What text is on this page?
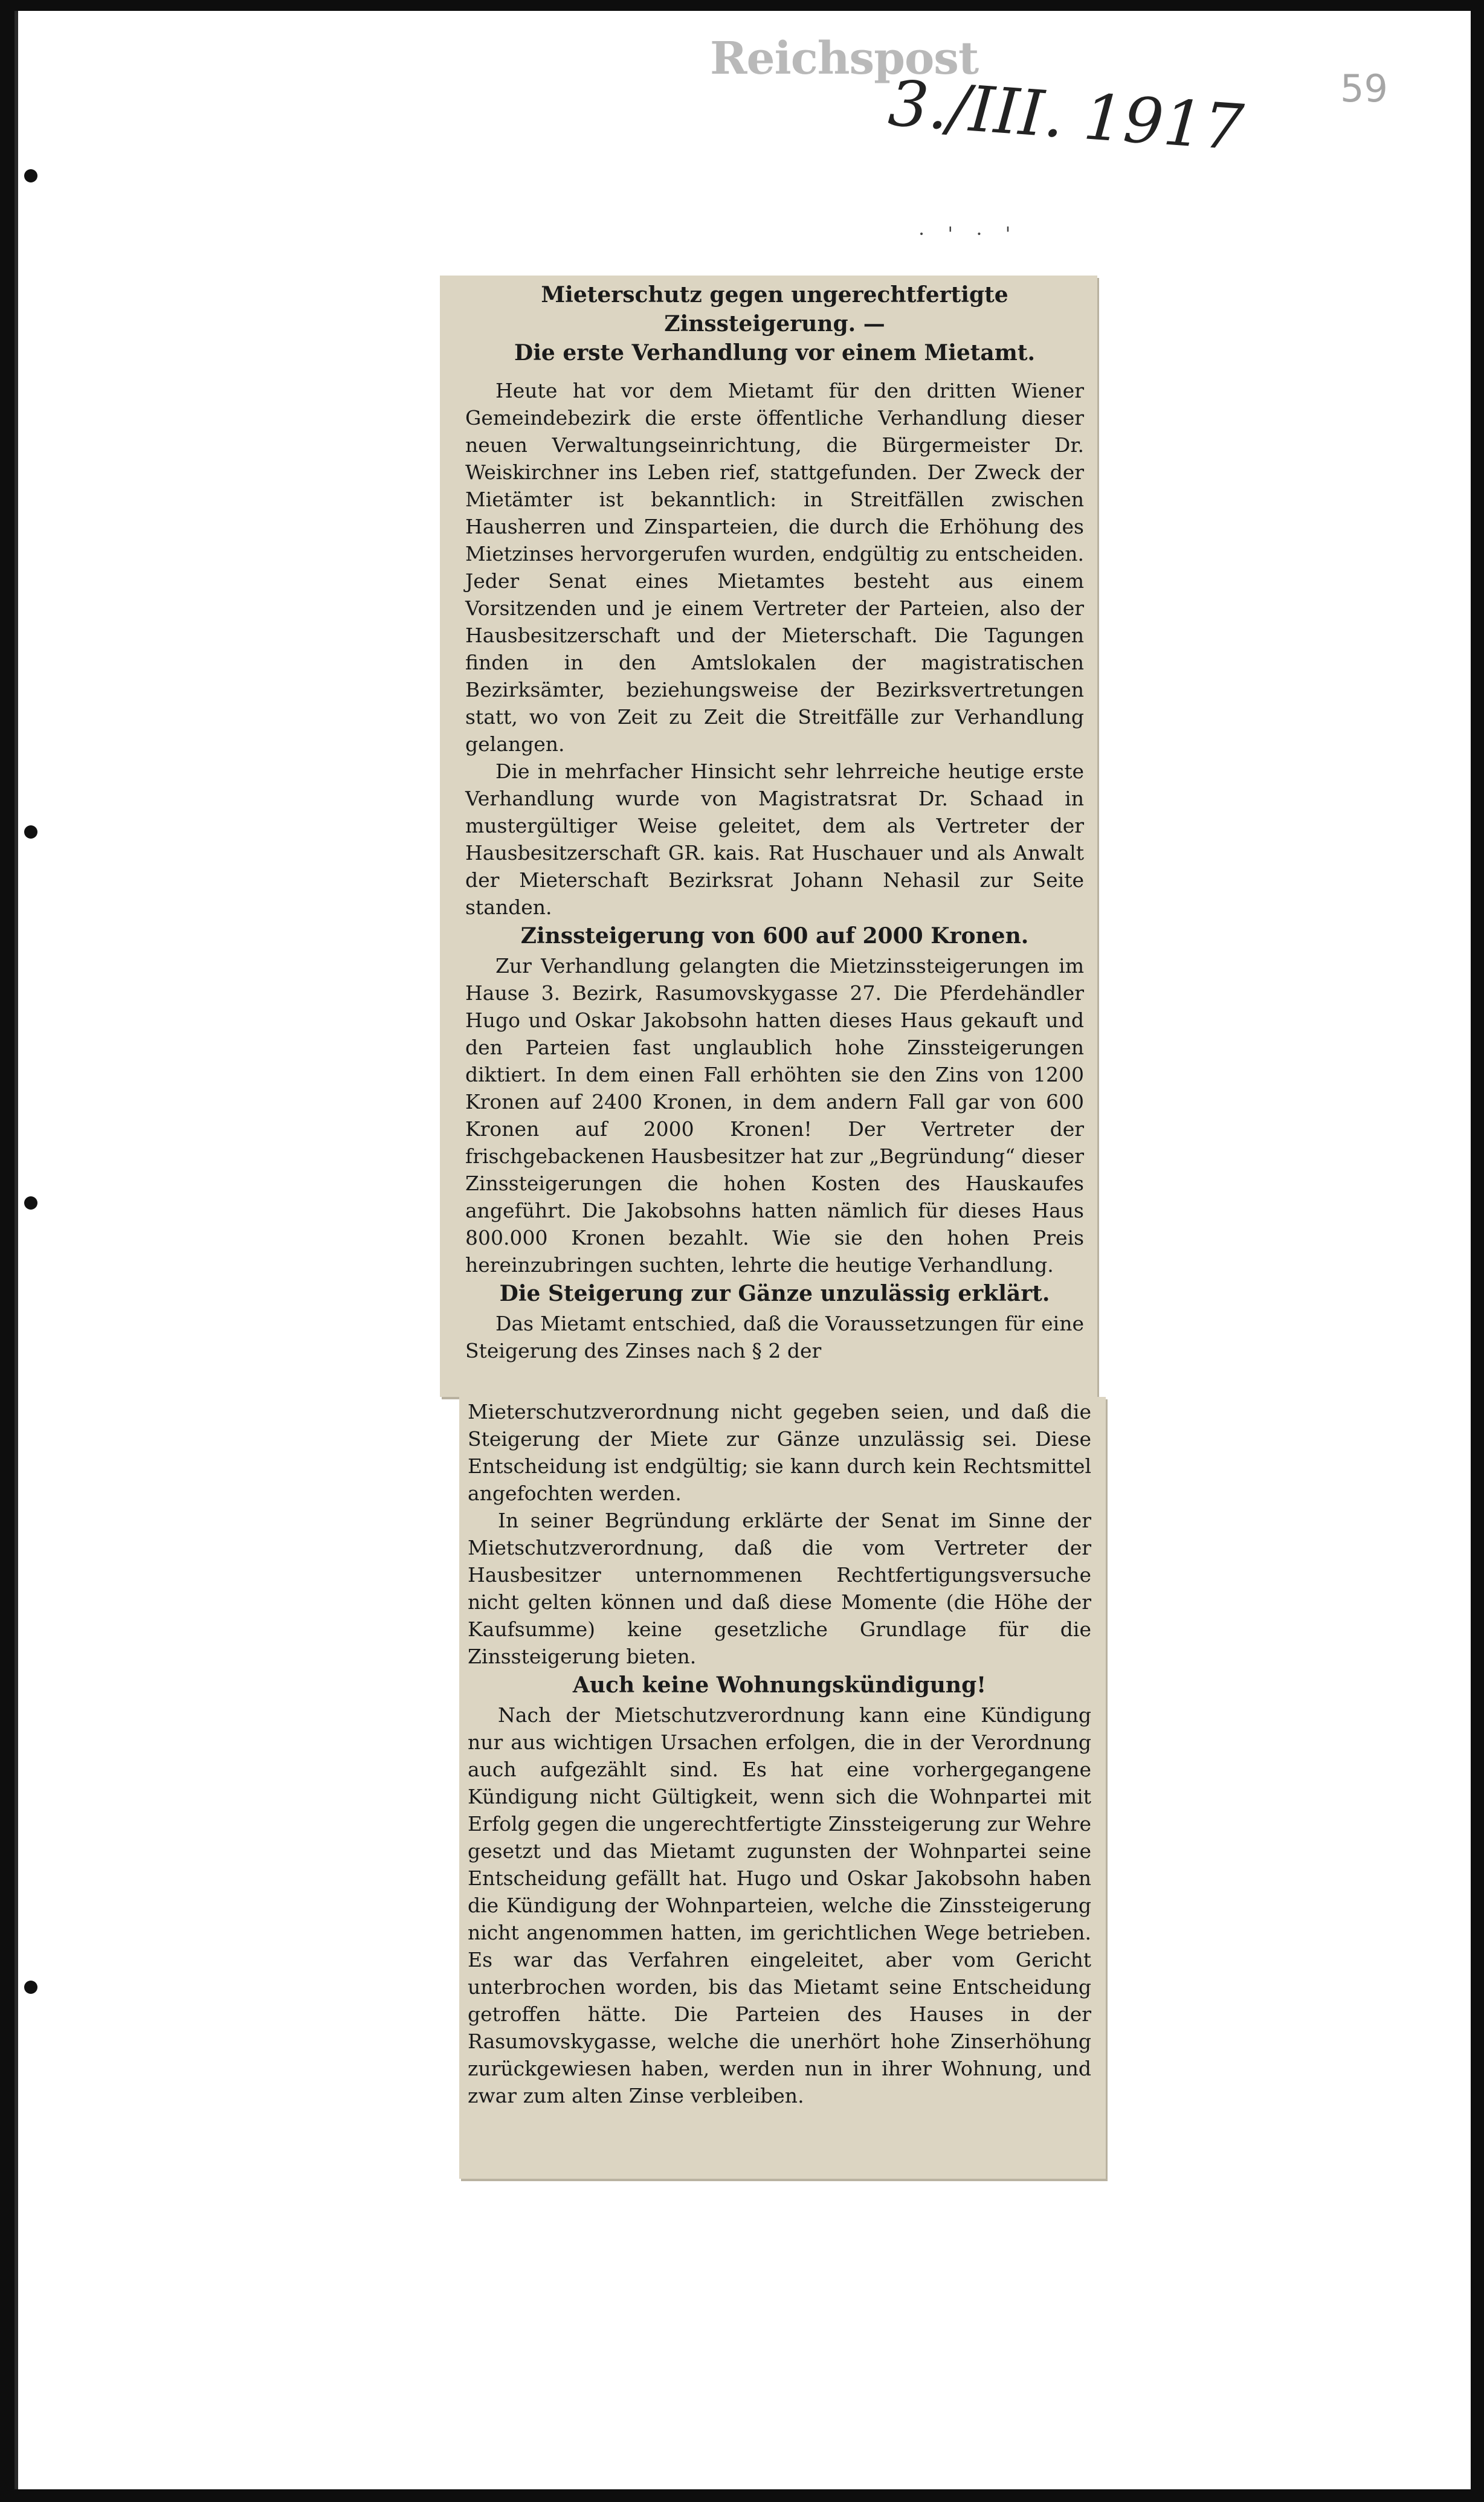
Reichspost
3./III. 1917	59
· ' · '

Mieterschutz gegen ungerechtfertigte Zinssteigerung. —

Die erste Verhandlung vor einem Mietamt.

Heute hat vor dem Mietamt für den dritten Wiener Gemeindebezirk die erste öffentliche Verhandlung dieser neuen Verwaltungseinrichtung, die Bürgermeister Dr. Weiskirchner ins Leben rief, stattgefunden. Der Zweck der Mietämter ist bekanntlich: in Streitfällen zwischen Hausherren und Zinsparteien, die durch die Erhöhung des Mietzinses hervorgerufen wurden, endgültig zu entscheiden. Jeder Senat eines Mietamtes besteht aus einem Vorsitzenden und je einem Vertreter der Parteien, also der Hausbesitzerschaft und der Mieterschaft. Die Tagungen finden in den Amtslokalen der magistratischen Bezirksämter, beziehungsweise der Bezirksvertretungen statt, wo von Zeit zu Zeit die Streitfälle zur Verhandlung gelangen.

Die in mehrfacher Hinsicht sehr lehrreiche heutige erste Verhandlung wurde von Magistratsrat Dr. Schaad in mustergültiger Weise geleitet, dem als Vertreter der Hausbesitzerschaft GR. kais. Rat Huschauer und als Anwalt der Mieterschaft Bezirksrat Johann Nehasil zur Seite standen.

Zinssteigerung von 600 auf 2000 Kronen.

Zur Verhandlung gelangten die Mietzinssteigerungen im Hause 3. Bezirk, Rasumovskygasse 27. Die Pferdehändler Hugo und Oskar Jakobsohn hatten dieses Haus gekauft und den Parteien fast unglaublich hohe Zinssteigerungen diktiert. In dem einen Fall erhöhten sie den Zins von 1200 Kronen auf 2400 Kronen, in dem andern Fall gar von 600 Kronen auf 2000 Kronen! Der Vertreter der frischgebackenen Hausbesitzer hat zur „Begründung“ dieser Zinssteigerungen die hohen Kosten des Hauskaufes angeführt. Die Jakobsohns hatten nämlich für dieses Haus 800.000 Kronen bezahlt. Wie sie den hohen Preis hereinzubringen suchten, lehrte die heutige Verhandlung.

Die Steigerung zur Gänze unzulässig erklärt.

Das Mietamt entschied, daß die Voraussetzungen für eine Steigerung des Zinses nach § 2 der

Mieterschutzverordnung nicht gegeben seien, und daß die Steigerung der Miete zur Gänze unzulässig sei. Diese Entscheidung ist endgültig; sie kann durch kein Rechtsmittel angefochten werden.

In seiner Begründung erklärte der Senat im Sinne der Mietschutzverordnung, daß die vom Vertreter der Hausbesitzer unternommenen Rechtfertigungsversuche nicht gelten können und daß diese Momente (die Höhe der Kaufsumme) keine gesetzliche Grundlage für die Zinssteigerung bieten.

Auch keine Wohnungskündigung!

Nach der Mietschutzverordnung kann eine Kündigung nur aus wichtigen Ursachen erfolgen, die in der Verordnung auch aufgezählt sind. Es hat eine vorhergegangene Kündigung nicht Gültigkeit, wenn sich die Wohnpartei mit Erfolg gegen die ungerechtfertigte Zinssteigerung zur Wehre gesetzt und das Mietamt zugunsten der Wohnpartei seine Entscheidung gefällt hat. Hugo und Oskar Jakobsohn haben die Kündigung der Wohnparteien, welche die Zinssteigerung nicht angenommen hatten, im gerichtlichen Wege betrieben. Es war das Verfahren eingeleitet, aber vom Gericht unterbrochen worden, bis das Mietamt seine Entscheidung getroffen hätte. Die Parteien des Hauses in der Rasumovskygasse, welche die unerhört hohe Zinserhöhung zurückgewiesen haben, werden nun in ihrer Wohnung, und zwar zum alten Zinse verbleiben.
